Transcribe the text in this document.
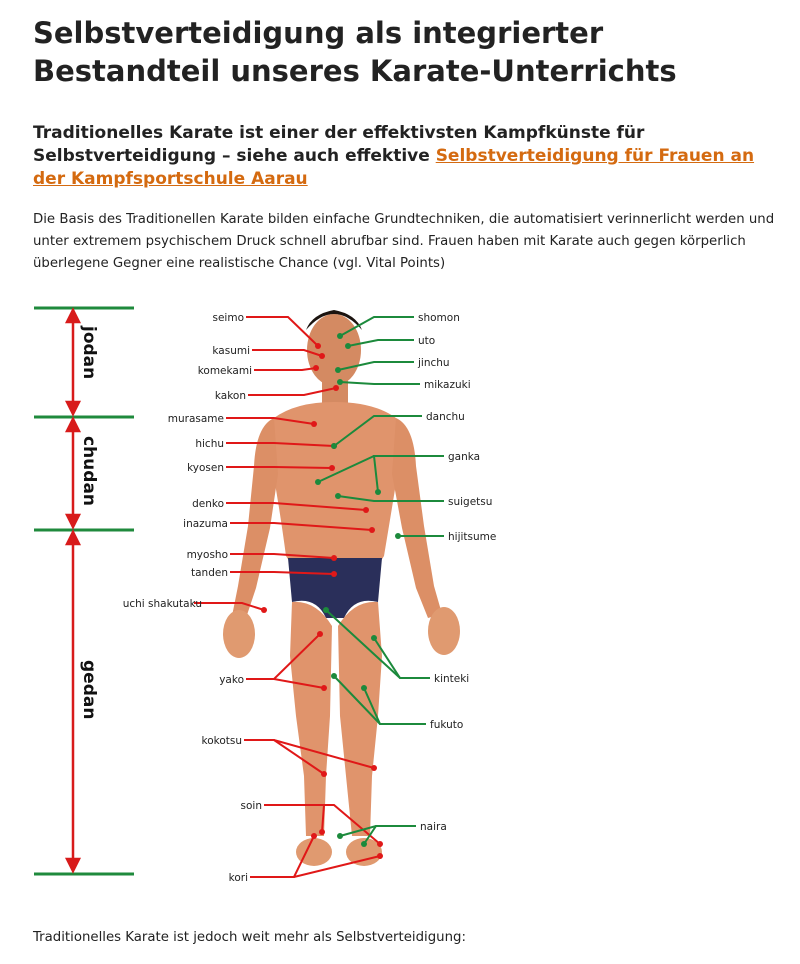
Selbstverteidigung als integrierter
Bestandteil unseres Karate-Unterrichts
Traditionelles Karate ist einer der effektivsten Kampfkünste für Selbstverteidigung – siehe auch effektive Selbstverteidigung für Frauen an der Kampfsportschule Aarau

Die Basis des Traditionellen Karate bilden einfache Grundtechniken, die automatisiert verinnerlicht werden und unter extremem psychischem Druck schnell abrufbar sind. Frauen haben mit Karate auch gegen körperlich überlegene Gegner eine realistische Chance (vgl. Vital Points)

jodan
chudan
gedan
seimo
kasumi
komekami
kakon
murasame
hichu
kyosen
denko
inazuma
myosho
tanden
uchi shakutaku
yako
kokotsu
soin
kori
shomon
uto
jinchu
mikazuki
danchu
ganka
suigetsu
hijitsume
kinteki
fukuto
naira

Traditionelles Karate ist jedoch weit mehr als Selbstverteidigung:
